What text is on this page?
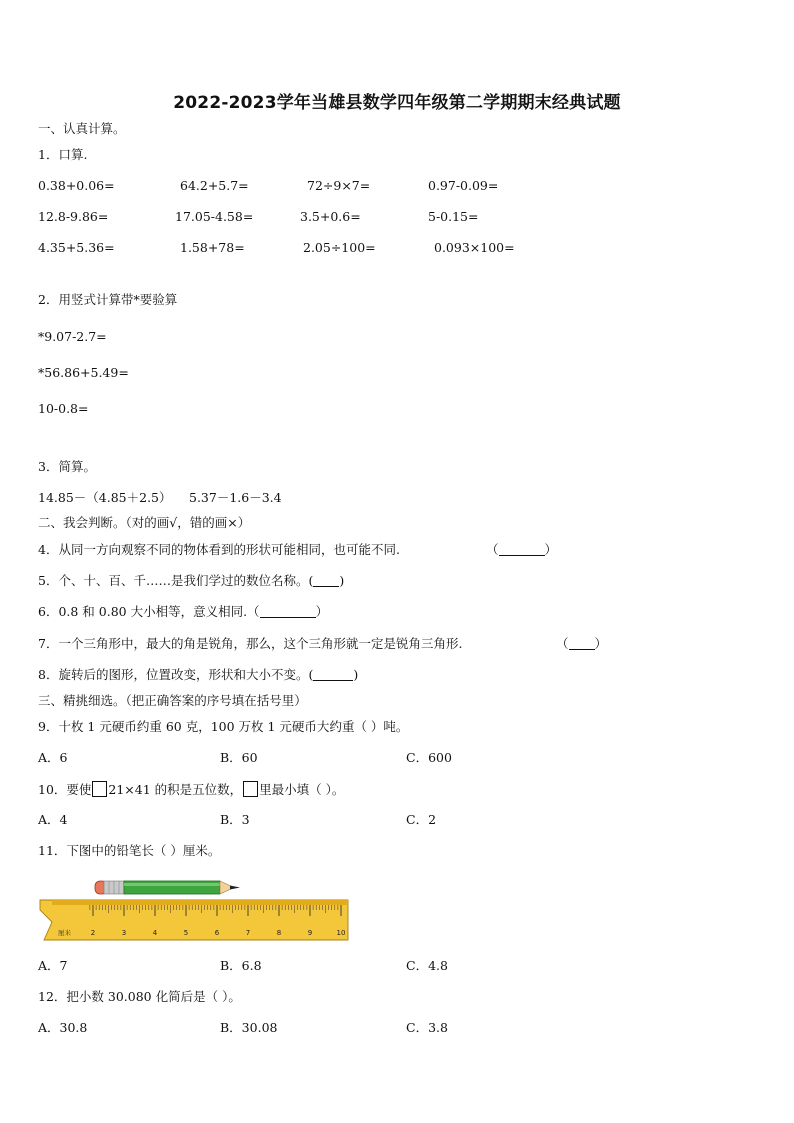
2022-2023学年当雄县数学四年级第二学期期末经典试题
一、认真计算。
1．口算.
0.38+0.06=	64.2+5.7=	72÷9×7=	0.97-0.09=
12.8-9.86=	17.05-4.58=	3.5+0.6=	5-0.15=
4.35+5.36=	1.58+78=	2.05÷100=	0.093×100=
2．用竖式计算带*要验算
*9.07-2.7=
*56.86+5.49=
10-0.8=
3．简算。
14.85－（4.85＋2.5） 5.37－1.6－3.4
二、我会判断。（对的画√，错的画×）
4．从同一方向观察不同的物体看到的形状可能相同，也可能不同.	（	）
5．个、十、百、千……是我们学过的数位名称。( )
6．0.8 和 0.80 大小相等，意义相同.（	）
7．一个三角形中，最大的角是锐角，那么，这个三角形就一定是锐角三角形.	（ ）
8．旋转后的图形，位置改变，形状和大小不变。(	)
三、精挑细选。（把正确答案的序号填在括号里）
9．十枚 1 元硬币约重 60 克，100 万枚 1 元硬币大约重（ ）吨。
A．6	B．60	C．600
10．要使 21×41 的积是五位数， 里最小填（ ）。
A．4	B．3	C．2
11．下图中的铅笔长（ ）厘米。
2	3	4	5	6	7	8	9	10
厘米
A．7	B．6.8	C．4.8
12．把小数 30.080 化简后是（ ）。
A．30.8	B．30.08	C．3.8
